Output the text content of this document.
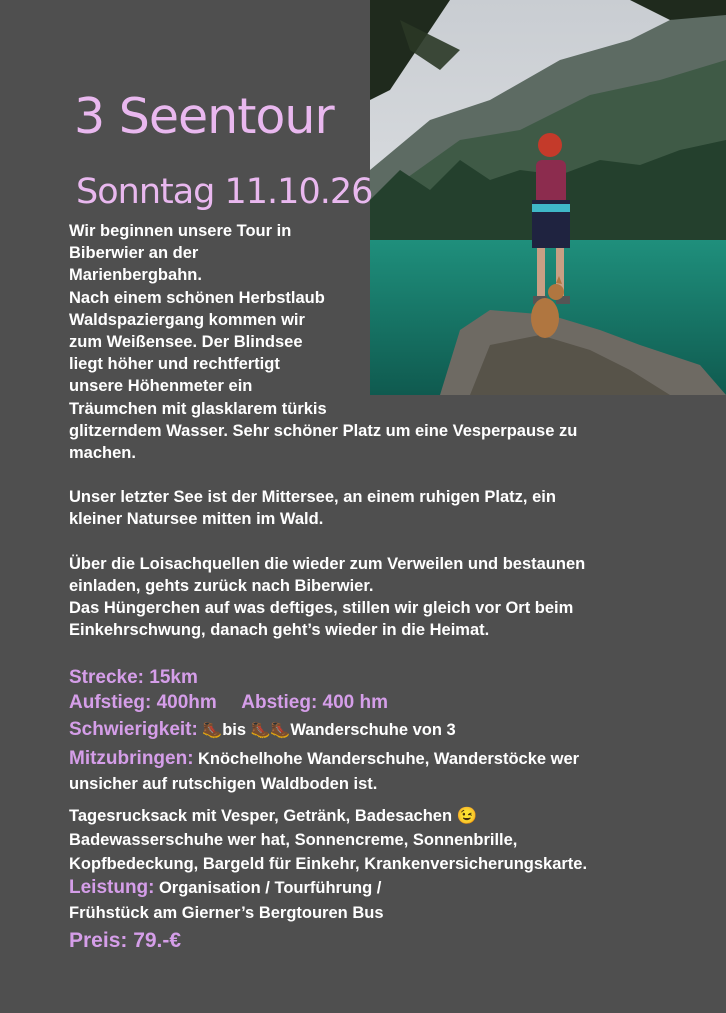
3 Seentour
Sonntag 11.10.26

Wir beginnen unsere Tour in

Biberwier an der

Marienbergbahn.

Nach einem schönen Herbstlaub

Waldspaziergang kommen wir

zum Weißensee. Der Blindsee

liegt höher und rechtfertigt

unsere Höhenmeter ein

Träumchen mit glasklarem türkis

glitzerndem Wasser. Sehr schöner Platz um eine Vesperpause zu

machen.

Unser letzter See ist der Mittersee, an einem ruhigen Platz, ein

kleiner Natursee mitten im Wald.

Über die Loisachquellen die wieder zum Verweilen und bestaunen

einladen, gehts zurück nach Biberwier.

Das Hüngerchen auf was deftiges, stillen wir gleich vor Ort beim

Einkehrschwung, danach geht’s wieder in die Heimat.

Strecke: 15km

Aufstieg: 400hm Abstieg: 400 hm

Schwierigkeit: 🥾bis 🥾🥾Wanderschuhe von 3

Mitzubringen: Knöchelhohe Wanderschuhe, Wanderstöcke wer

unsicher auf rutschigen Waldboden ist.

Tagesrucksack mit Vesper, Getränk, Badesachen 😉

Badewasserschuhe wer hat, Sonnencreme, Sonnenbrille,

Kopfbedeckung, Bargeld für Einkehr, Krankenversicherungskarte.

Leistung: Organisation / Tourführung /

Frühstück am Gierner’s Bergtouren Bus

Preis: 79.-€
